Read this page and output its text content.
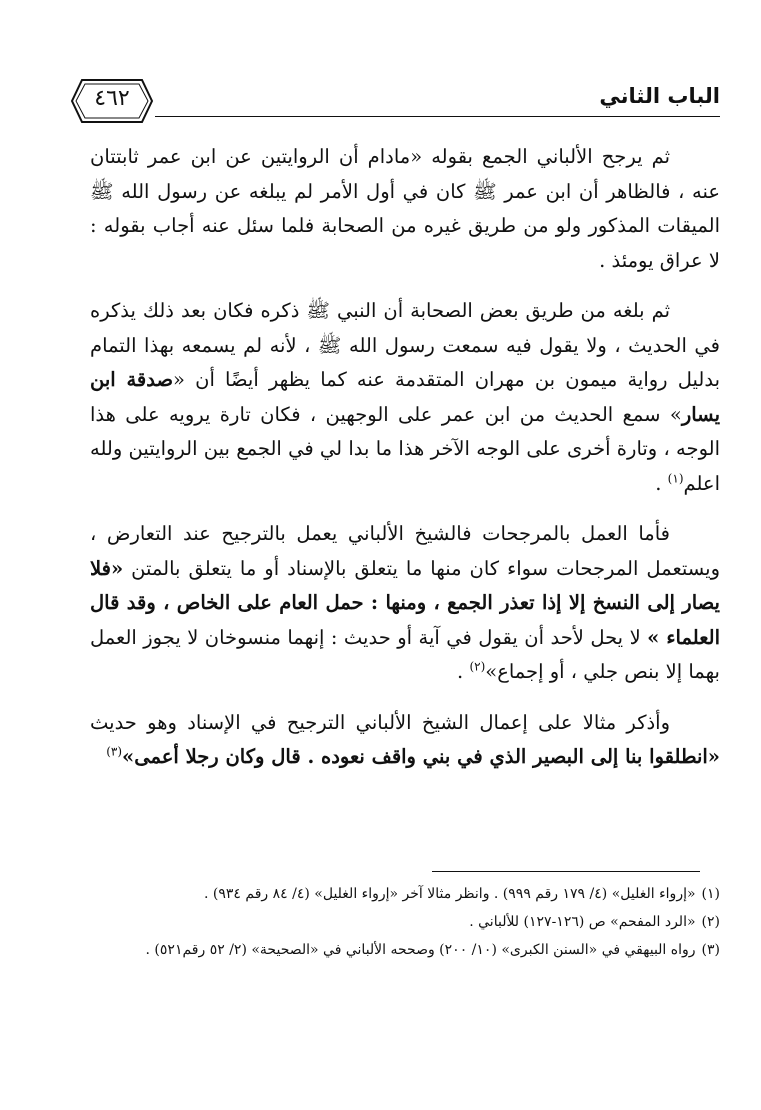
الباب الثاني
٤٦٢

ثم يرجح الألباني الجمع بقوله «مادام أن الروايتين عن ابن عمر ثابتتان عنه ، فالظاهر أن ابن عمر ﷺ كان في أول الأمر لم يبلغه عن رسول الله ﷺ الميقات المذكور ولو من طريق غيره من الصحابة فلما سئل عنه أجاب بقوله : لا عراق يومئذ .

ثم بلغه من طريق بعض الصحابة أن النبي ﷺ ذكره فكان بعد ذلك يذكره في الحديث ، ولا يقول فيه سمعت رسول الله ﷺ ، لأنه لم يسمعه بهذا التمام بدليل رواية ميمون بن مهران المتقدمة عنه كما يظهر أيضًا أن «صدقة ابن يسار» سمع الحديث من ابن عمر على الوجهين ، فكان تارة يرويه على هذا الوجه ، وتارة أخرى على الوجه الآخر هذا ما بدا لي في الجمع بين الروايتين ولله اعلم$^{(١)}$ .

فأما العمل بالمرجحات فالشيخ الألباني يعمل بالترجيح عند التعارض ، ويستعمل المرجحات سواء كان منها ما يتعلق بالإسناد أو ما يتعلق بالمتن «فلا يصار إلى النسخ إلا إذا تعذر الجمع ، ومنها : حمل العام على الخاص ، وقد قال العلماء » لا يحل لأحد أن يقول في آية أو حديث : إنهما منسوخان لا يجوز العمل بهما إلا بنص جلي ، أو إجماع»$^{(٢)}$ .

وأذكر مثالا على إعمال الشيخ الألباني الترجيح في الإسناد وهو حديث «انطلقوا بنا إلى البصير الذي في بني واقف نعوده . قال وكان رجلا أعمى»$^{(٣)}$

(١)«إرواء الغليل» (٤/ ١٧٩ رقم ٩٩٩) . وانظر مثالا آخر «إرواء الغليل» (٤/ ٨٤ رقم ٩٣٤) .

(٢)«الرد المفحم» ص (١٢٦-١٢٧) للألباني .

(٣)رواه البيهقي في «السنن الكبرى» (١٠/ ٢٠٠) وصححه الألباني في «الصحيحة» (٢/ ٥٢ رقم٥٢١) .
